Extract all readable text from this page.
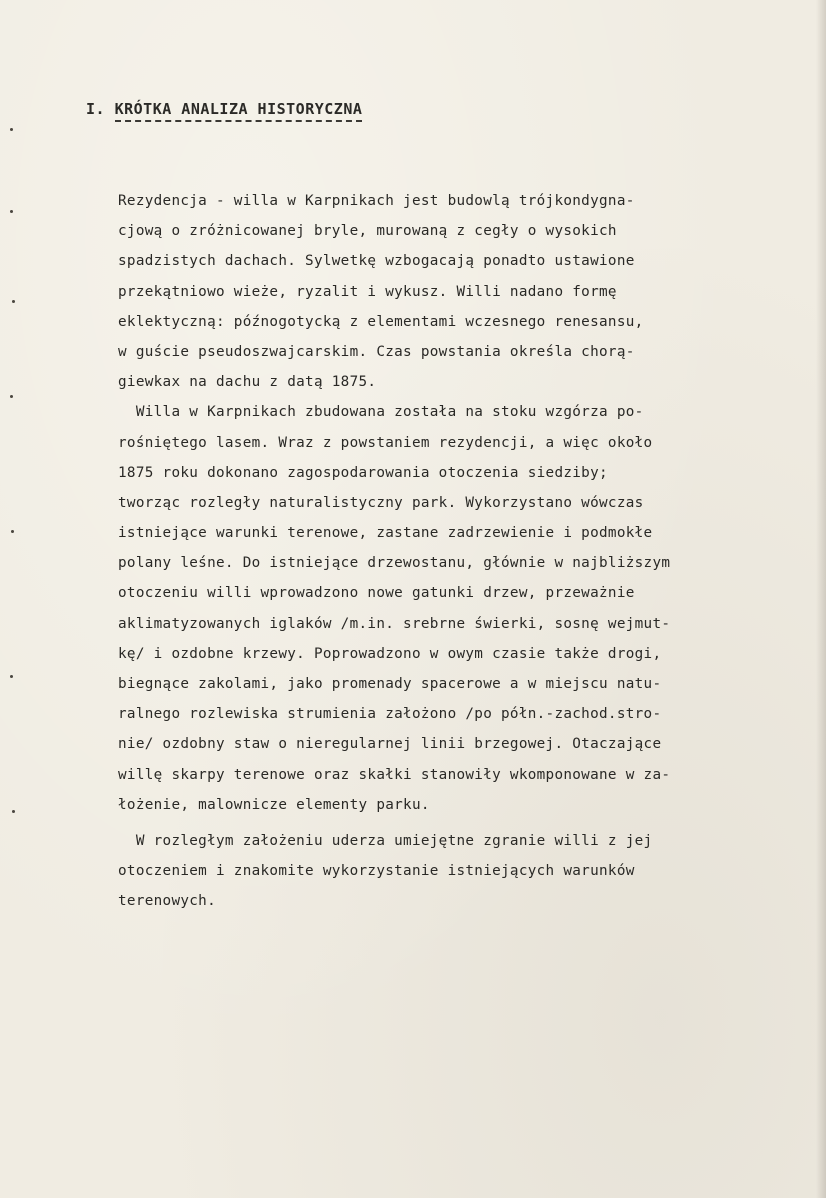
I. KRÓTKA ANALIZA HISTORYCZNA
Rezydencja - willa w Karpnikach jest budowlą trójkondygna-
cjową o zróżnicowanej bryle, murowaną z cegły o wysokich
spadzistych dachach. Sylwetkę wzbogacają ponadto ustawione
przekątniowo wieże, ryzalit i wykusz. Willi nadano formę
eklektyczną: późnogotycką z elementami wczesnego renesansu,
w guście pseudoszwajcarskim. Czas powstania określa chorą-
giewkax na dachu z datą 1875.
Willa w Karpnikach zbudowana została na stoku wzgórza po-
rośniętego lasem. Wraz z powstaniem rezydencji, a więc około
1875 roku dokonano zagospodarowania otoczenia siedziby;
tworząc rozległy naturalistyczny park. Wykorzystano wówczas
istniejące warunki terenowe, zastane zadrzewienie i podmokłe
polany leśne. Do istniejące drzewostanu, głównie w najbliższym
otoczeniu willi wprowadzono nowe gatunki drzew, przeważnie
aklimatyzowanych iglaków /m.in. srebrne świerki, sosnę wejmut-
kę/ i ozdobne krzewy. Poprowadzono w owym czasie także drogi,
biegnące zakolami, jako promenady spacerowe a w miejscu natu-
ralnego rozlewiska strumienia założono /po półn.-zachod.stro-
nie/ ozdobny staw o nieregularnej linii brzegowej. Otaczające
willę skarpy terenowe oraz skałki stanowiły wkomponowane w za-
łożenie, malownicze elementy parku.
W rozległym założeniu uderza umiejętne zgranie willi z jej
otoczeniem i znakomite wykorzystanie istniejących warunków
terenowych.
